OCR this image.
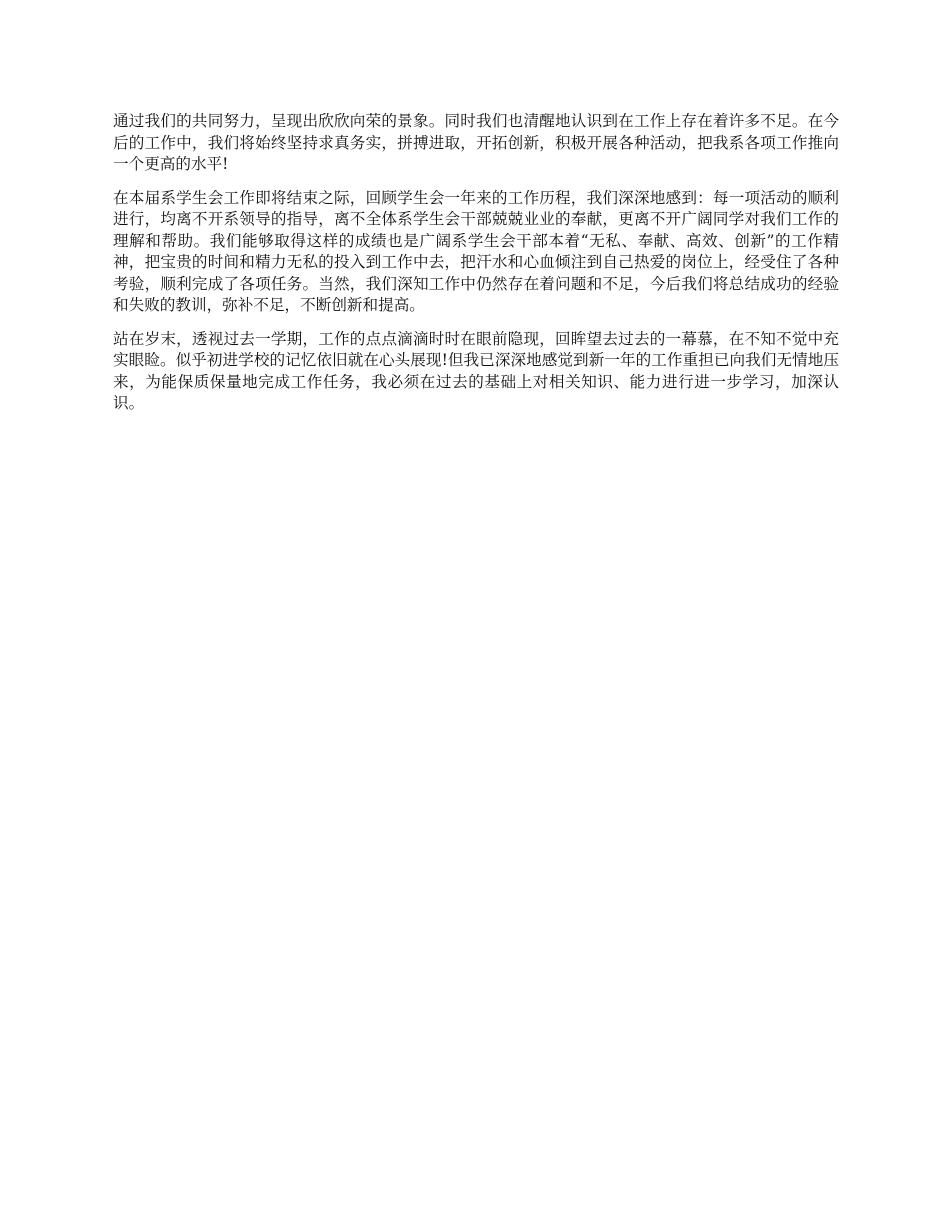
通过我们的共同努力，呈现出欣欣向荣的景象。同时我们也清醒地认识到在工作上存在着许多不足。在今后的工作中，我们将始终坚持求真务实，拼搏进取，开拓创新，积极开展各种活动，把我系各项工作推向一个更高的水平!

在本届系学生会工作即将结束之际，回顾学生会一年来的工作历程，我们深深地感到：每一项活动的顺利进行，均离不开系领导的指导，离不全体系学生会干部兢兢业业的奉献，更离不开广阔同学对我们工作的理解和帮助。我们能够取得这样的成绩也是广阔系学生会干部本着“无私、奉献、高效、创新”的工作精神，把宝贵的时间和精力无私的投入到工作中去，把汗水和心血倾注到自己热爱的岗位上，经受住了各种考验，顺利完成了各项任务。当然，我们深知工作中仍然存在着问题和不足，今后我们将总结成功的经验和失败的教训，弥补不足，不断创新和提高。

站在岁末，透视过去一学期，工作的点点滴滴时时在眼前隐现，回眸望去过去的一幕慕，在不知不觉中充实眼睑。似乎初进学校的记忆依旧就在心头展现!但我已深深地感觉到新一年的工作重担已向我们无情地压来，为能保质保量地完成工作任务，我必须在过去的基础上对相关知识、能力进行进一步学习，加深认识。
